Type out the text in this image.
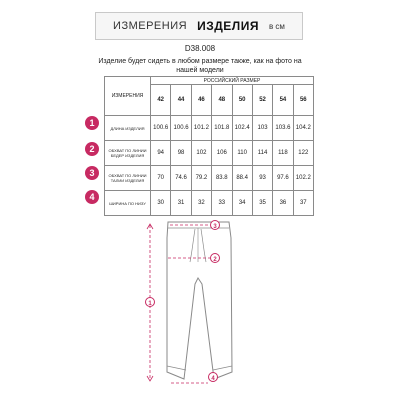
ИЗМЕРЕНИЯ ИЗДЕЛИЯ в см
D38.008
Изделие будет сидеть в любом размере также, как на фото на нашей модели
1
2
3
4
ИЗМЕРЕНИЯ	РОССИЙСКИЙ РАЗМЕР							
	42	44	46	48	50	52	54	56
ДЛИНА ИЗДЕЛИЯ	100.6	100.6	101.2	101.8	102.4	103	103.6	104.2
ОБХВАТ ПО ЛИНИИ БЕДЕР ИЗДЕЛИЯ	94	98	102	106	110	114	118	122
ОБХВАТ ПО ЛИНИИ ТАЛИИ ИЗДЕЛИЯ	70	74.6	79.2	83.8	88.4	93	97.6	102.2
ШИРИНА ПО НИЗУ	30	31	32	33	34	35	36	37
1
2
3
4
